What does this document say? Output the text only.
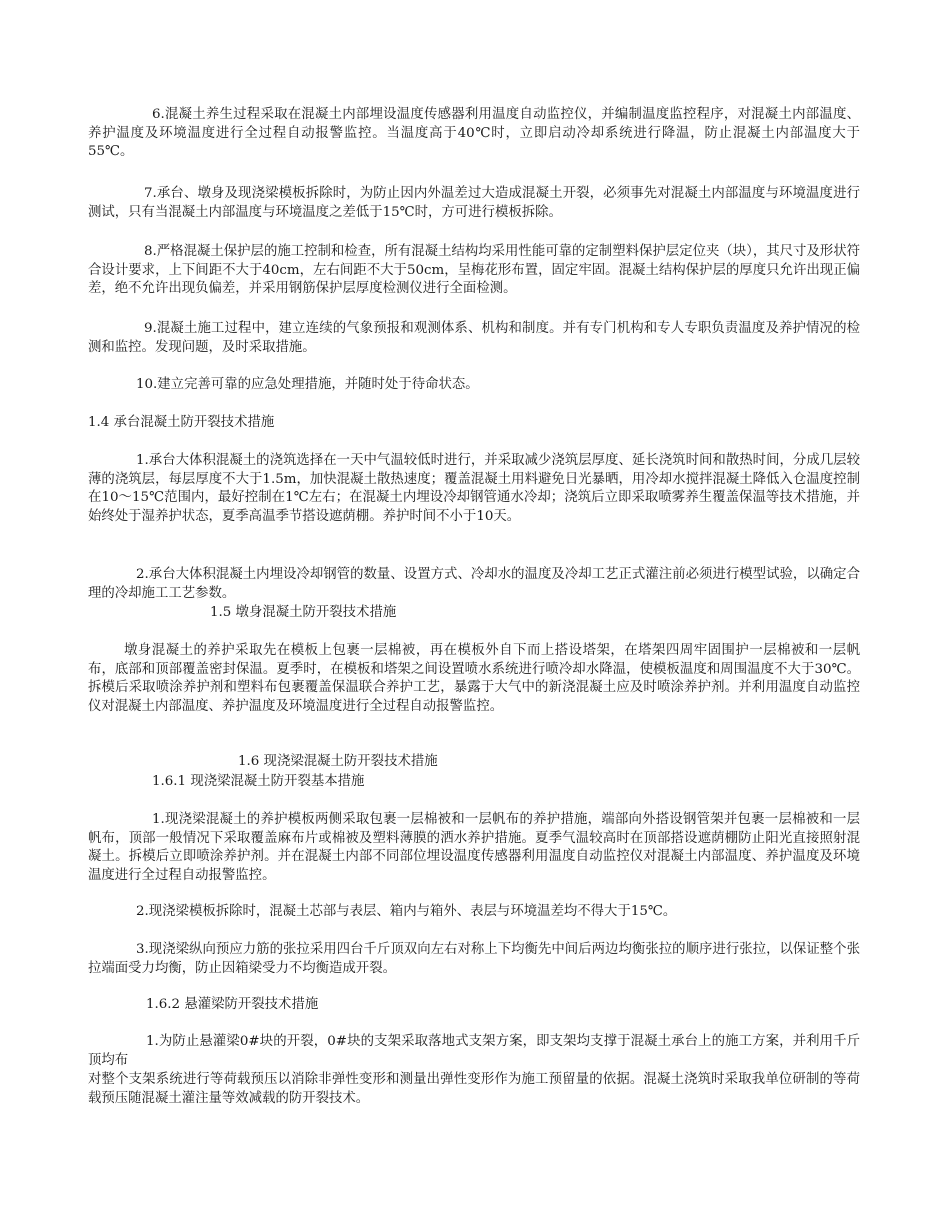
6.混凝土养生过程采取在混凝土内部埋设温度传感器利用温度自动监控仪，并编制温度监控程序，对混凝土内部温度、养护温度及环境温度进行全过程自动报警监控。当温度高于40℃时，立即启动冷却系统进行降温，防止混凝土内部温度大于55℃。

7.承台、墩身及现浇梁模板拆除时，为防止因内外温差过大造成混凝土开裂，必须事先对混凝土内部温度与环境温度进行测试，只有当混凝土内部温度与环境温度之差低于15℃时，方可进行模板拆除。

8.严格混凝土保护层的施工控制和检查，所有混凝土结构均采用性能可靠的定制塑料保护层定位夹（块），其尺寸及形状符合设计要求，上下间距不大于40cm，左右间距不大于50cm，呈梅花形布置，固定牢固。混凝土结构保护层的厚度只允许出现正偏差，绝不允许出现负偏差，并采用钢筋保护层厚度检测仪进行全面检测。

9.混凝土施工过程中，建立连续的气象预报和观测体系、机构和制度。并有专门机构和专人专职负责温度及养护情况的检测和监控。发现问题，及时采取措施。

10.建立完善可靠的应急处理措施，并随时处于待命状态。

1.4 承台混凝土防开裂技术措施

1.承台大体积混凝土的浇筑选择在一天中气温较低时进行，并采取减少浇筑层厚度、延长浇筑时间和散热时间，分成几层较薄的浇筑层，每层厚度不大于1.5m，加快混凝土散热速度；覆盖混凝土用料避免日光暴晒，用冷却水搅拌混凝土降低入仓温度控制在10～15℃范围内，最好控制在1℃左右；在混凝土内埋设冷却钢管通水冷却；浇筑后立即采取喷雾养生覆盖保温等技术措施，并始终处于湿养护状态，夏季高温季节搭设遮荫棚。养护时间不小于10天。

2.承台大体积混凝土内埋设冷却钢管的数量、设置方式、冷却水的温度及冷却工艺正式灌注前必须进行模型试验，以确定合理的冷却施工工艺参数。

1.5 墩身混凝土防开裂技术措施

墩身混凝土的养护采取先在模板上包裹一层棉被，再在模板外自下而上搭设塔架，在塔架四周牢固围护一层棉被和一层帆布，底部和顶部覆盖密封保温。夏季时，在模板和塔架之间设置喷水系统进行喷冷却水降温，使模板温度和周围温度不大于30℃。拆模后采取喷涂养护剂和塑料布包裹覆盖保温联合养护工艺，暴露于大气中的新浇混凝土应及时喷涂养护剂。并利用温度自动监控仪对混凝土内部温度、养护温度及环境温度进行全过程自动报警监控。

1.6 现浇梁混凝土防开裂技术措施

1.6.1 现浇梁混凝土防开裂基本措施

1.现浇梁混凝土的养护模板两侧采取包裹一层棉被和一层帆布的养护措施，端部向外搭设钢管架并包裹一层棉被和一层帆布，顶部一般情况下采取覆盖麻布片或棉被及塑料薄膜的洒水养护措施。夏季气温较高时在顶部搭设遮荫棚防止阳光直接照射混凝土。拆模后立即喷涂养护剂。并在混凝土内部不同部位埋设温度传感器利用温度自动监控仪对混凝土内部温度、养护温度及环境温度进行全过程自动报警监控。

2.现浇梁模板拆除时，混凝土芯部与表层、箱内与箱外、表层与环境温差均不得大于15℃。

3.现浇梁纵向预应力筋的张拉采用四台千斤顶双向左右对称上下均衡先中间后两边均衡张拉的顺序进行张拉，以保证整个张拉端面受力均衡，防止因箱梁受力不均衡造成开裂。

1.6.2 悬灌梁防开裂技术措施

1.为防止悬灌梁0#块的开裂，0#块的支架采取落地式支架方案，即支架均支撑于混凝土承台上的施工方案，并利用千斤顶均布

对整个支架系统进行等荷载预压以消除非弹性变形和测量出弹性变形作为施工预留量的依据。混凝土浇筑时采取我单位研制的等荷载预压随混凝土灌注量等效减载的防开裂技术。
